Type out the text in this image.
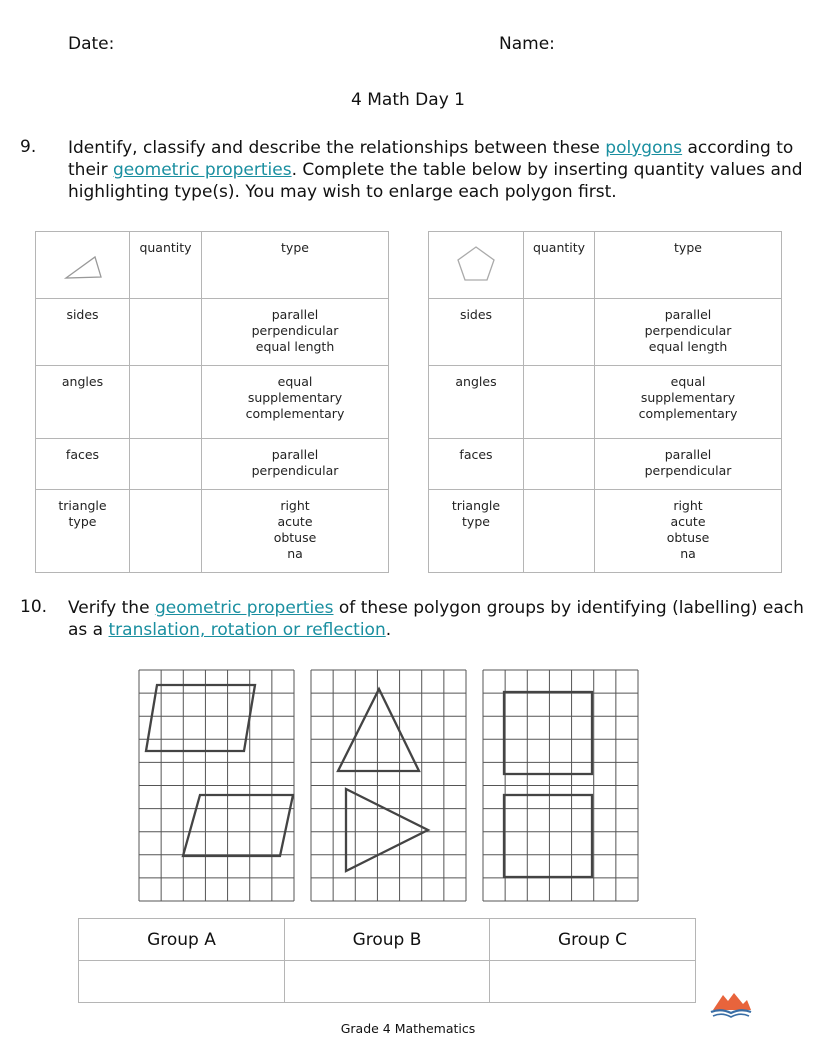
Date:	Name:
4 Math Day 1
9. Identify, classify and describe the relationships between these polygons according to their geometric properties. Complete the table below by inserting quantity values and highlighting type(s). You may wish to enlarge each polygon first.
	quantity	type

sides		parallel
perpendicular
equal length

angles		equal
supplementary
complementary

faces		parallel
perpendicular

triangle
type		right
acute
obtuse
na
	quantity	type

sides		parallel
perpendicular
equal length

angles		equal
supplementary
complementary

faces		parallel
perpendicular

triangle
type		right
acute
obtuse
na
10. Verify the geometric properties of these polygon groups by identifying (labelling) each as a translation, rotation or reflection.
Group A	Group B	Group C

Grade 4 Mathematics
